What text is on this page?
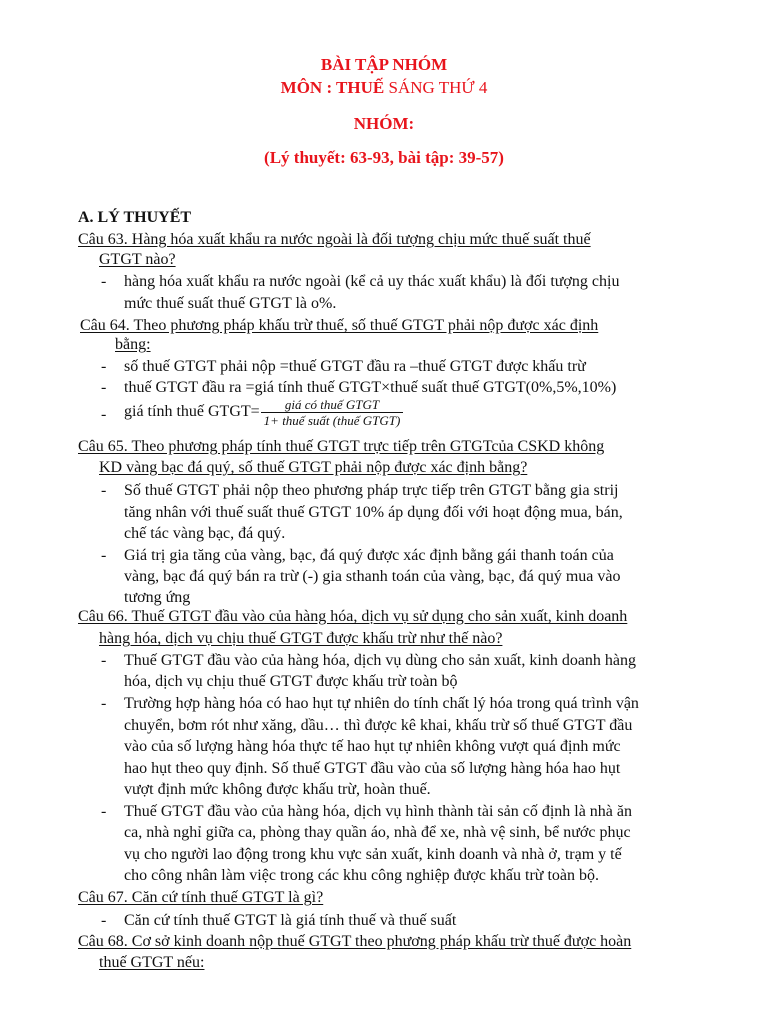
BÀI TẬP NHÓM
MÔN : THUẾ SÁNG THỨ 4
NHÓM:
(Lý thuyết: 63-93, bài tập: 39-57)
A. LÝ THUYẾT
Câu 63. Hàng hóa xuất khẩu ra nước ngoài là đối tượng chịu mức thuế suất thuế
GTGT nào?
- hàng hóa xuất khẩu ra nước ngoài (kể cả uy thác xuất khẩu) là đối tượng chịu
mức thuế suất thuế GTGT là o%.
Câu 64. Theo phương pháp khấu trừ thuế, số thuế GTGT phải nộp được xác định
bằng:
- số thuế GTGT phải nộp =thuế GTGT đầu ra –thuế GTGT được khấu trừ
- thuế GTGT đầu ra =giá tính thuế GTGT×thuế suất thuế GTGT(0%,5%,10%)
- giá tính thuế GTGT= $\frac{\text{giá có thuế GTGT}}{\text{1+ thuế suất (thuế GTGT)}}$
Câu 65. Theo phương pháp tính thuế GTGT trực tiếp trên GTGTcủa CSKD không
KD vàng bạc đá quý, số thuế GTGT phải nộp được xác định bằng?
- Số thuế GTGT phải nộp theo phương pháp trực tiếp trên GTGT bằng gia strij
tăng nhân với thuế suất thuế GTGT 10% áp dụng đối với hoạt động mua, bán,
chế tác vàng bạc, đá quý.
- Giá trị gia tăng của vàng, bạc, đá quý được xác định bằng gái thanh toán của
vàng, bạc đá quý bán ra trừ (-) gia sthanh toán của vàng, bạc, đá quý mua vào
tương ứng
Câu 66. Thuế GTGT đầu vào của hàng hóa, dịch vụ sử dụng cho sản xuất, kinh doanh
hàng hóa, dịch vụ chịu thuế GTGT được khấu trừ như thế nào?
- Thuế GTGT đầu vào của hàng hóa, dịch vụ dùng cho sản xuất, kinh doanh hàng
hóa, dịch vụ chịu thuế GTGT được khấu trừ toàn bộ
- Trường hợp hàng hóa có hao hụt tự nhiên do tính chất lý hóa trong quá trình vận
chuyển, bơm rót như xăng, dầu… thì được kê khai, khấu trừ số thuế GTGT đầu
vào của số lượng hàng hóa thực tế hao hụt tự nhiên không vượt quá định mức
hao hụt theo quy định. Số thuế GTGT đầu vào của số lượng hàng hóa hao hụt
vượt định mức không được khấu trừ, hoàn thuế.
- Thuế GTGT đầu vào của hàng hóa, dịch vụ hình thành tài sản cố định là nhà ăn
ca, nhà nghỉ giữa ca, phòng thay quần áo, nhà để xe, nhà vệ sinh, bể nước phục
vụ cho người lao động trong khu vực sản xuất, kinh doanh và nhà ở, trạm y tế
cho công nhân làm việc trong các khu công nghiệp được khấu trừ toàn bộ.
Câu 67. Căn cứ tính thuế GTGT là gì?
- Căn cứ tính thuế GTGT là giá tính thuế và thuế suất
Câu 68. Cơ sở kinh doanh nộp thuế GTGT theo phương pháp khấu trừ thuế được hoàn
thuế GTGT nếu:
